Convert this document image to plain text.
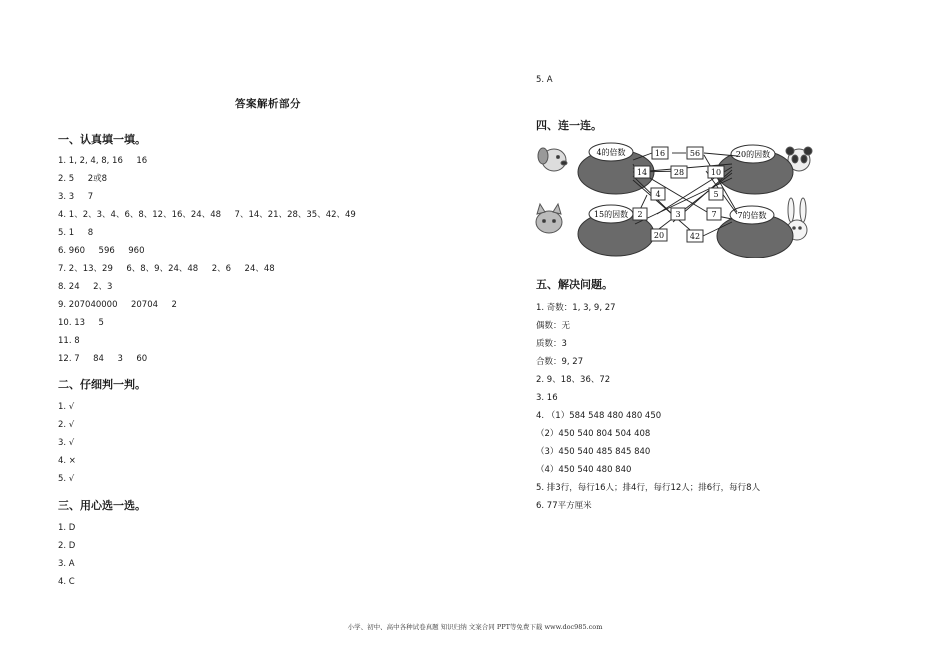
答案解析部分
一、认真填一填。
1. 1, 2, 4, 8, 16     16
2. 5     2或8
3. 3     7
4. 1、2、3、4、6、8、12、16、24、48     7、14、21、28、35、42、49
5. 1     8
6. 960     596     960
7. 2、13、29     6、8、9、24、48     2、6     24、48
8. 24     2、3
9. 207040000     20704     2
10. 13     5
11. 8
12. 7     84     3     60
二、仔细判一判。
1. √
2. √
3. √
4. ×
5. √
三、用心选一选。
1. D
2. D
3. A
4. C
5. A
四、连一连。
4的倍数	20的因数
15的因数	7的倍数
16	56
14	28	10
4	5
2	3	7
20	42
五、解决问题。
1. 奇数：1, 3, 9, 27
偶数：无
质数：3
合数：9, 27
2. 9、18、36、72
3. 16
4. （1）584 548 480 480 450
（2）450 540 804 504 408
（3）450 540 485 845 840
（4）450 540 480 840
5. 排3行，每行16人；排4行，每行12人；排6行，每行8人
6. 77平方厘米
小学、初中、高中各种试卷真题 知识归纳 文案合同 PPT等免费下载 www.doc985.com
